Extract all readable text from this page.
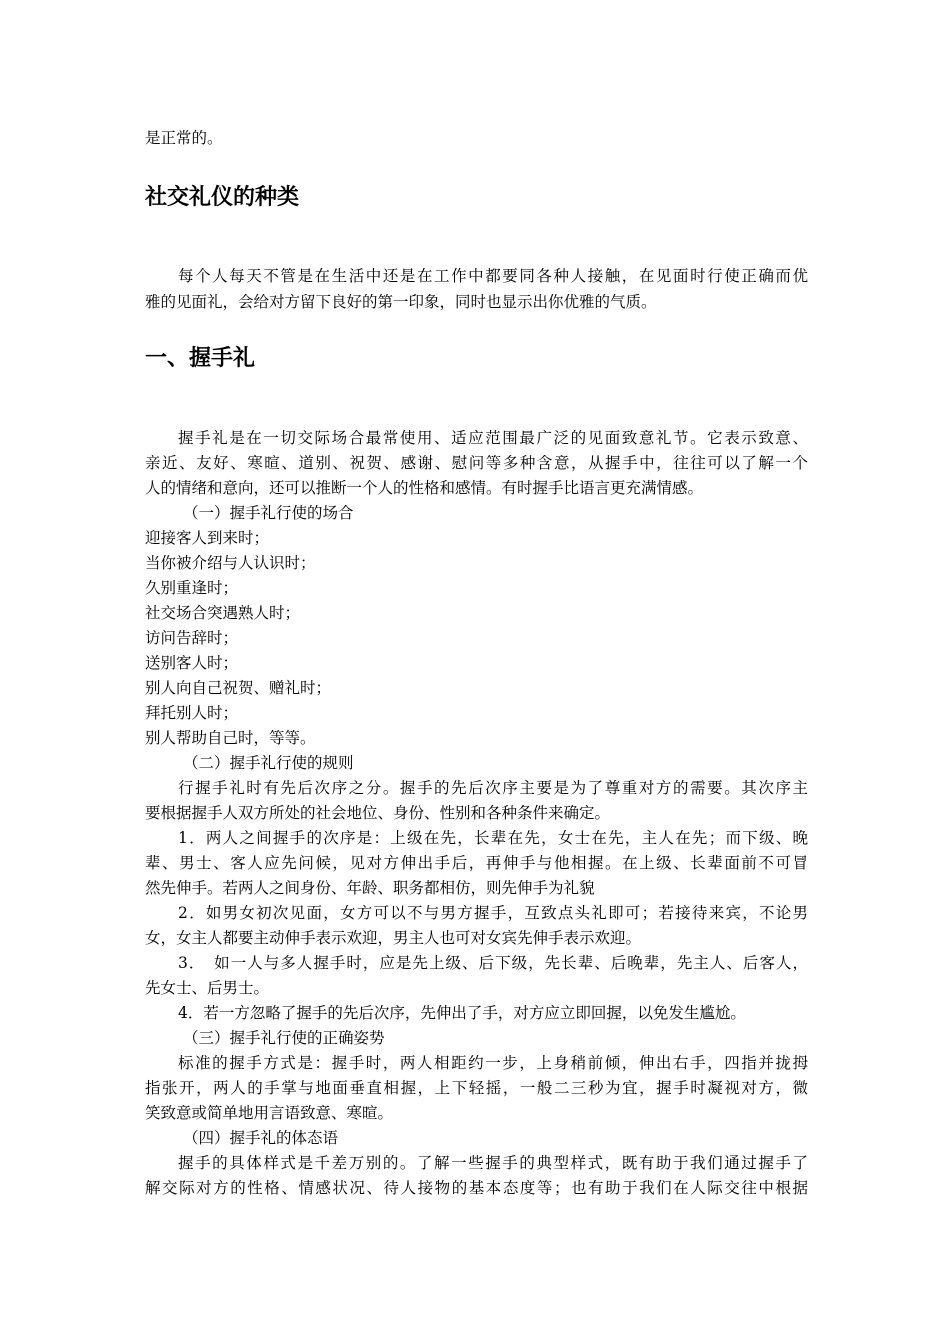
是正常的。
社交礼仪的种类
每个人每天不管是在生活中还是在工作中都要同各种人接触，在见面时行使正确而优
雅的见面礼，会给对方留下良好的第一印象，同时也显示出你优雅的气质。
一、握手礼
握手礼是在一切交际场合最常使用、适应范围最广泛的见面致意礼节。它表示致意、
亲近、友好、寒暄、道别、祝贺、感谢、慰问等多种含意，从握手中，往往可以了解一个
人的情绪和意向，还可以推断一个人的性格和感情。有时握手比语言更充满情感。
（一）握手礼行使的场合
迎接客人到来时；
当你被介绍与人认识时；
久别重逢时；
社交场合突遇熟人时；
访问告辞时；
送别客人时；
别人向自己祝贺、赠礼时；
拜托别人时；
别人帮助自己时，等等。
（二）握手礼行使的规则
行握手礼时有先后次序之分。握手的先后次序主要是为了尊重对方的需要。其次序主
要根据握手人双方所处的社会地位、身份、性别和各种条件来确定。
1．两人之间握手的次序是：上级在先，长辈在先，女士在先，主人在先；而下级、晚
辈、男士、客人应先问候，见对方伸出手后，再伸手与他相握。在上级、长辈面前不可冒
然先伸手。若两人之间身份、年龄、职务都相仿，则先伸手为礼貌
2．如男女初次见面，女方可以不与男方握手，互致点头礼即可；若接待来宾，不论男
女，女主人都要主动伸手表示欢迎，男主人也可对女宾先伸手表示欢迎。
3．　如一人与多人握手时，应是先上级、后下级，先长辈、后晚辈，先主人、后客人，
先女士、后男士。
4．若一方忽略了握手的先后次序，先伸出了手，对方应立即回握，以免发生尴尬。
（三）握手礼行使的正确姿势
标准的握手方式是：握手时，两人相距约一步，上身稍前倾，伸出右手，四指并拢拇
指张开，两人的手掌与地面垂直相握，上下轻摇，一般二三秒为宜，握手时凝视对方，微
笑致意或简单地用言语致意、寒暄。
（四）握手礼的体态语
握手的具体样式是千差万别的。了解一些握手的典型样式，既有助于我们通过握手了
解交际对方的性格、情感状况、待人接物的基本态度等；也有助于我们在人际交往中根据
